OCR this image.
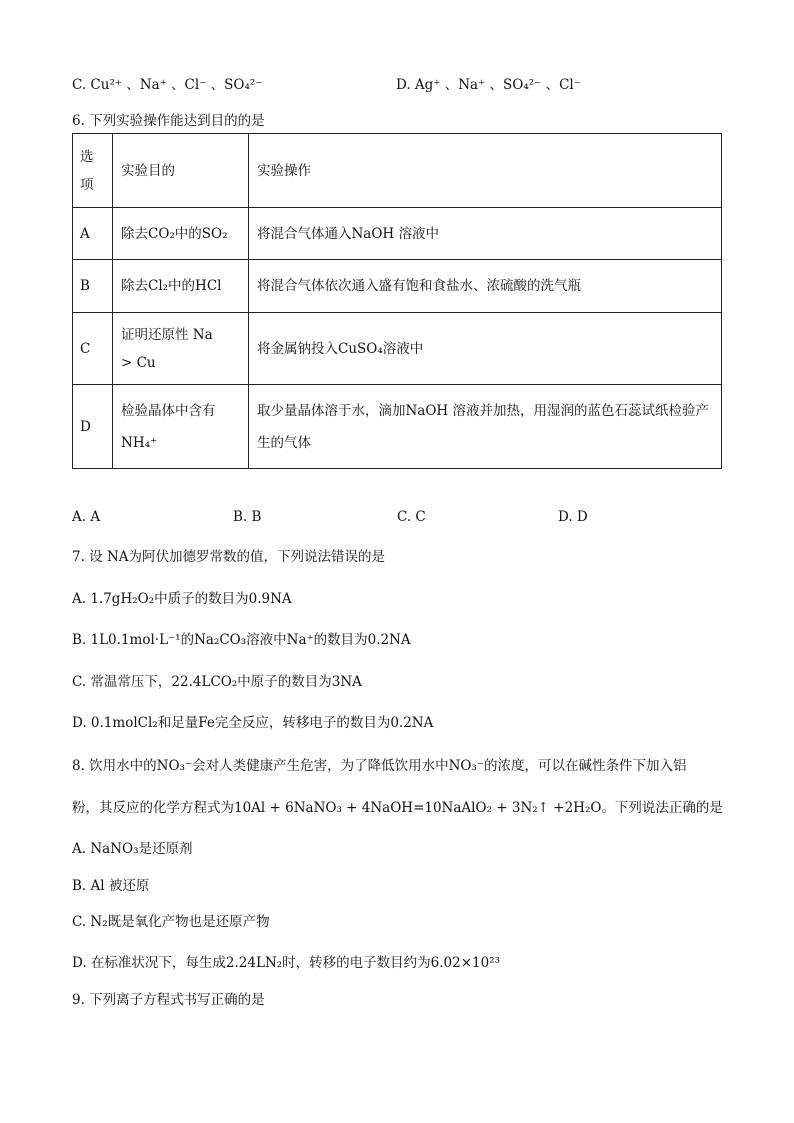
C. Cu²⁺ 、Na⁺ 、Cl⁻ 、SO₄²⁻	D. Ag⁺ 、Na⁺ 、SO₄²⁻ 、Cl⁻
6. 下列实验操作能达到目的的是
选项	实验目的	实验操作
A	除去CO₂中的SO₂	将混合气体通入NaOH 溶液中
B	除去Cl₂中的HCl	将混合气体依次通入盛有饱和食盐水、浓硫酸的洗气瓶
C	证明还原性 Na > Cu	将金属钠投入CuSO₄溶液中
D	检验晶体中含有 NH₄⁺	取少量晶体溶于水，滴加NaOH 溶液并加热，用湿润的蓝色石蕊试纸检验产生的气体
A. A	B. B	C. C	D. D
7. 设 NA为阿伏加德罗常数的值，下列说法错误的是
A. 1.7gH₂O₂中质子的数目为0.9NA
B. 1L0.1mol·L⁻¹的Na₂CO₃溶液中Na⁺的数目为0.2NA
C. 常温常压下，22.4LCO₂中原子的数目为3NA
D. 0.1molCl₂和足量Fe完全反应，转移电子的数目为0.2NA
8. 饮用水中的NO₃⁻会对人类健康产生危害，为了降低饮用水中NO₃⁻的浓度，可以在碱性条件下加入铝
粉，其反应的化学方程式为10Al + 6NaNO₃ + 4NaOH=10NaAlO₂ + 3N₂↑ +2H₂O。下列说法正确的是
A. NaNO₃是还原剂
B. Al 被还原
C. N₂既是氧化产物也是还原产物
D. 在标准状况下，每生成2.24LN₂时，转移的电子数目约为6.02×10²³
9. 下列离子方程式书写正确的是
